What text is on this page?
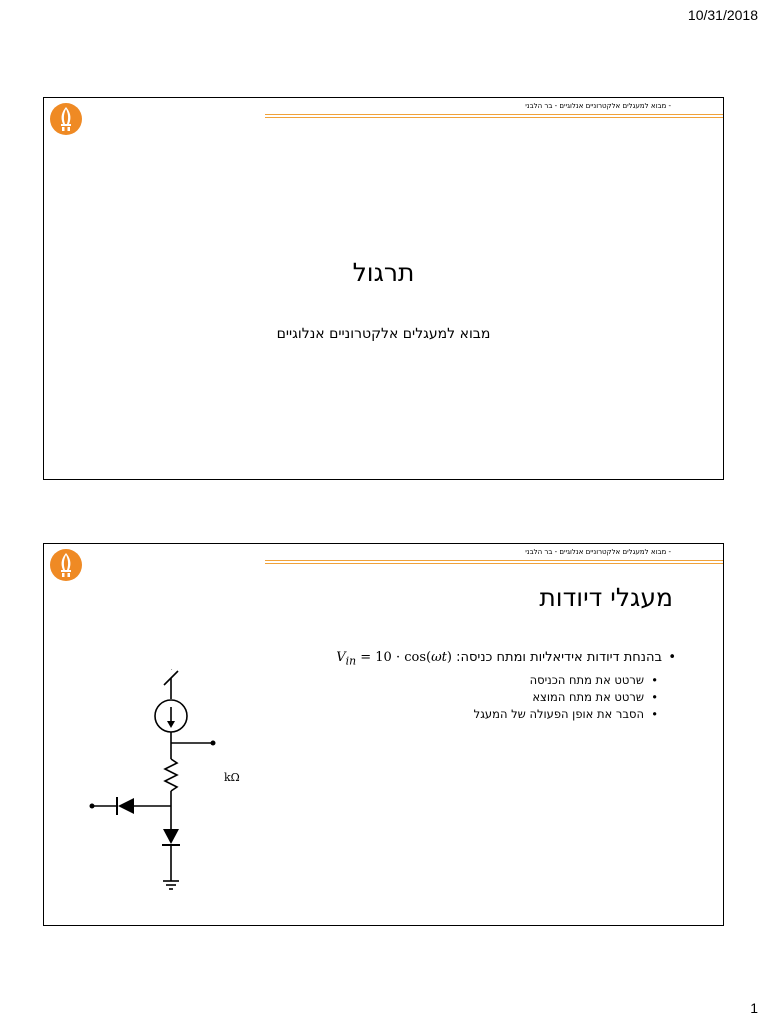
10/31/2018
- מבוא למעגלים אלקטרוניים אנלוגיים - בר הלבני
תרגול
מבוא למעגלים אלקטרוניים אנלוגיים
- מבוא למעגלים אלקטרוניים אנלוגיים - בר הלבני
מעגלי דיודות
•בהנחת דיודות אידיאליות ומתח כניסה: $V_{in} = 10 \cdot \cos(\omega t)$
•שרטט את מתח הכניסה
•שרטט את מתח המוצא
•הסבר את אופן הפעולה של המעגל
kΩ
1
